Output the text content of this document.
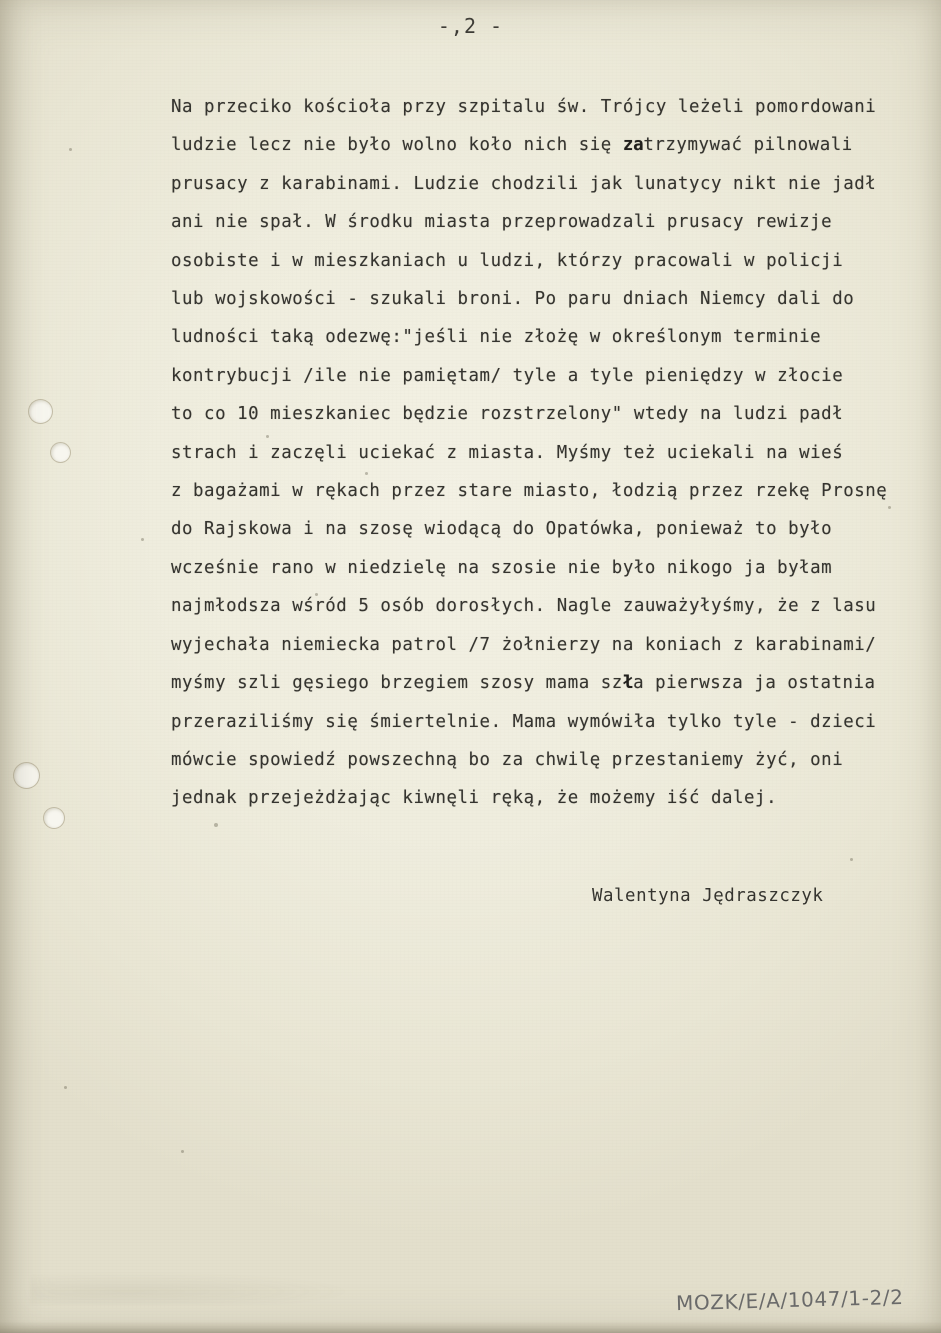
-,2 -
Na przeciko kościoła przy szpitalu św. Trójcy leżeli pomordowani
ludzie lecz nie było wolno koło nich się zatrzymywać pilnowali
prusacy z karabinami. Ludzie chodzili jak lunatycy nikt nie jadł
ani nie spał. W środku miasta przeprowadzali prusacy rewizje
osobiste i w mieszkaniach u ludzi, którzy pracowali w policji
lub wojskowości - szukali broni. Po paru dniach Niemcy dali do
ludności taką odezwę:"jeśli nie złożę w określonym terminie
kontrybucji /ile nie pamiętam/ tyle a tyle pieniędzy w złocie
to co 10 mieszkaniec będzie rozstrzelony" wtedy na ludzi padł
strach i zaczęli uciekać z miasta. Myśmy też uciekali na wieś
z bagażami w rękach przez stare miasto, łodzią przez rzekę Prosnę
do Rajskowa i na szosę wiodącą do Opatówka, ponieważ to było
wcześnie rano w niedzielę na szosie nie było nikogo ja byłam
najmłodsza wśród 5 osób dorosłych. Nagle zauważyłyśmy, że z lasu
wyjechała niemiecka patrol /7 żołnierzy na koniach z karabinami/
myśmy szli gęsiego brzegiem szosy mama szła pierwsza ja ostatnia
przeraziliśmy się śmiertelnie. Mama wymówiła tylko tyle - dzieci
mówcie spowiedź powszechną bo za chwilę przestaniemy żyć, oni
jednak przejeżdżając kiwnęli ręką, że możemy iść dalej.
Walentyna Jędraszczyk
MOZK/E/A/1047/1-2/2
